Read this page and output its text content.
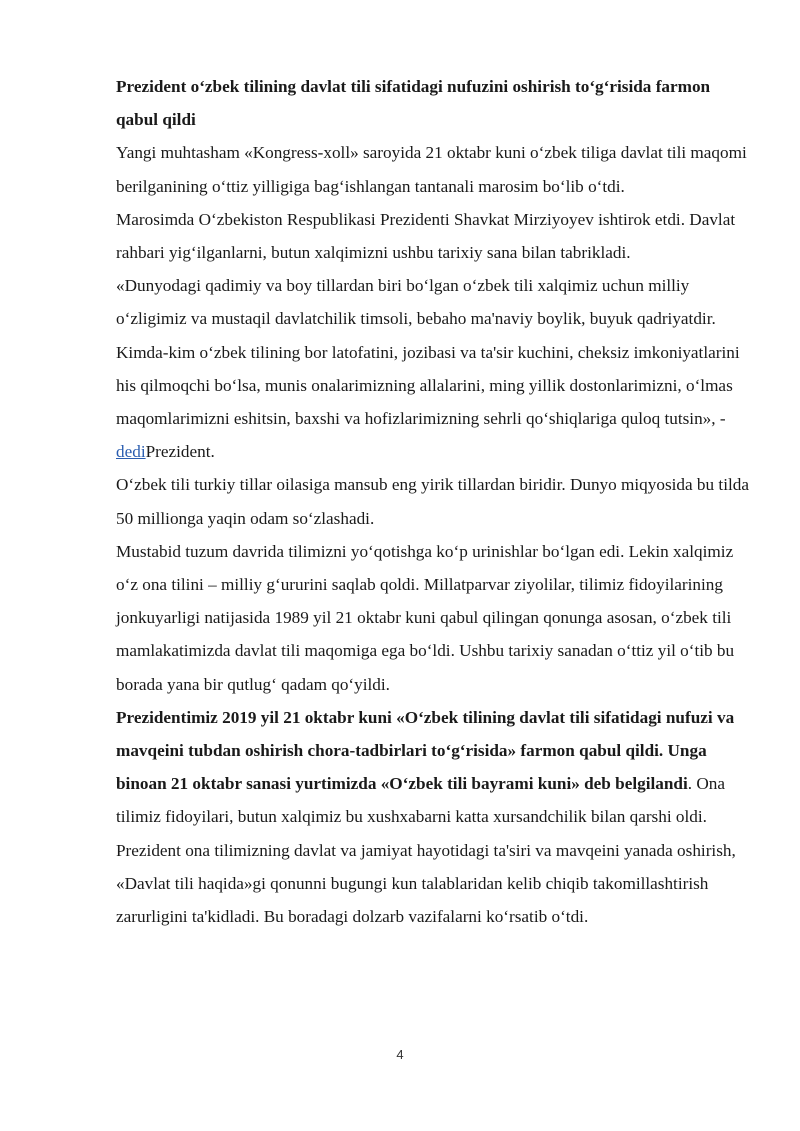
Prezident o‘zbek tilining davlat tili sifatidagi nufuzini oshirish to‘g‘risida farmon qabul qildi

Yangi muhtasham «Kongress-xoll» saroyida 21 oktabr kuni o‘zbek tiliga davlat tili maqomi berilganining o‘ttiz yilligiga bag‘ishlangan tantanali marosim bo‘lib o‘tdi.

Marosimda O‘zbekiston Respublikasi Prezidenti Shavkat Mirziyoyev ishtirok etdi. Davlat rahbari yig‘ilganlarni, butun xalqimizni ushbu tarixiy sana bilan tabrikladi.

«Dunyodagi qadimiy va boy tillardan biri bo‘lgan o‘zbek tili xalqimiz uchun milliy o‘zligimiz va mustaqil davlatchilik timsoli, bebaho ma'naviy boylik, buyuk qadriyatdir. Kimda-kim o‘zbek tilining bor latofatini, jozibasi va ta'sir kuchini, cheksiz imkoniyatlarini his qilmoqchi bo‘lsa, munis onalarimizning allalarini, ming yillik dostonlarimizni, o‘lmas maqomlarimizni eshitsin, baxshi va hofizlarimizning sehrli qo‘shiqlariga quloq tutsin», - dediPrezident.

O‘zbek tili turkiy tillar oilasiga mansub eng yirik tillardan biridir. Dunyo miqyosida bu tilda 50 millionga yaqin odam so‘zlashadi.

Mustabid tuzum davrida tilimizni yo‘qotishga ko‘p urinishlar bo‘lgan edi. Lekin xalqimiz o‘z ona tilini – milliy g‘ururini saqlab qoldi. Millatparvar ziyolilar, tilimiz fidoyilarining jonkuyarligi natijasida 1989 yil 21 oktabr kuni qabul qilingan qonunga asosan, o‘zbek tili mamlakatimizda davlat tili maqomiga ega bo‘ldi. Ushbu tarixiy sanadan o‘ttiz yil o‘tib bu borada yana bir qutlug‘ qadam qo‘yildi.

Prezidentimiz 2019 yil 21 oktabr kuni «O‘zbek tilining davlat tili sifatidagi nufuzi va mavqeini tubdan oshirish chora-tadbirlari to‘g‘risida» farmon qabul qildi. Unga binoan 21 oktabr sanasi yurtimizda «O‘zbek tili bayrami kuni» deb belgilandi. Ona tilimiz fidoyilari, butun xalqimiz bu xushxabarni katta xursandchilik bilan qarshi oldi.

Prezident ona tilimizning davlat va jamiyat hayotidagi ta'siri va mavqeini yanada oshirish, «Davlat tili haqida»gi qonunni bugungi kun talablaridan kelib chiqib takomillashtirish zarurligini ta'kidladi. Bu boradagi dolzarb vazifalarni ko‘rsatib o‘tdi.

4
